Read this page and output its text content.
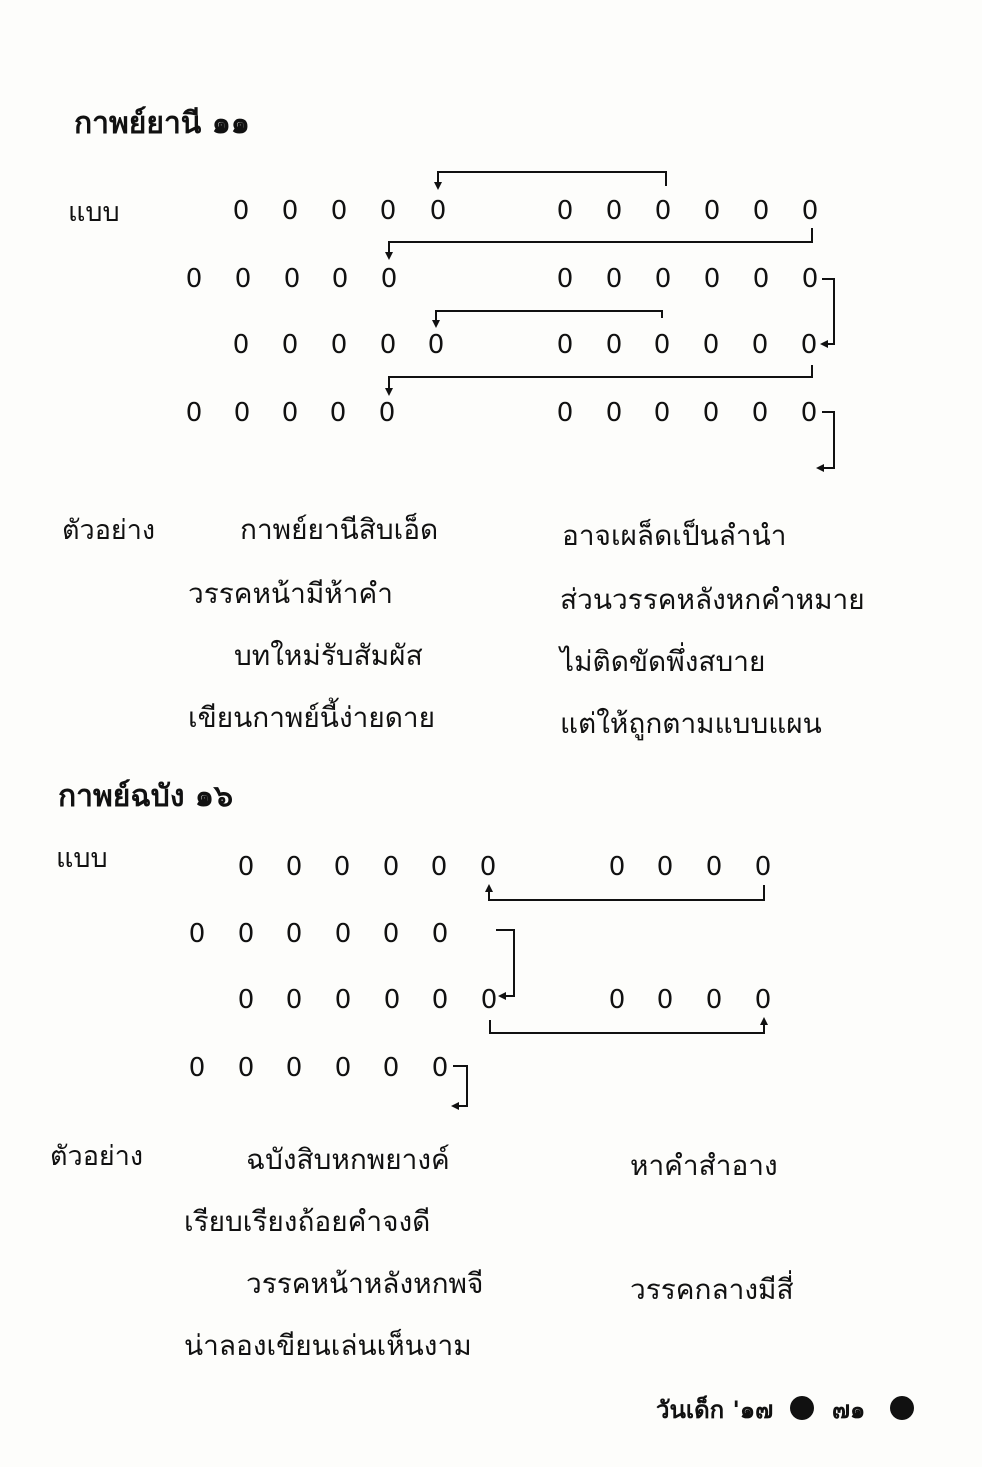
กาพย์ยานี ๑๑
แบบ
กาพย์ฉบัง ๑๖
แบบ
0 0 0 0 0	0 0 0 0 0 0
0 0 0 0 0	0 0 0 0 0 0
0 0 0 0 0	0 0 0 0 0 0
0 0 0 0 0	0 0 0 0 0 0
0 0 0 0 0 0	0 0 0 0
0 0 0 0 0 0
0 0 0 0 0 0	0 0 0 0
0 0 0 0 0 0
ตัวอย่าง	กาพย์ยานีสิบเอ็ด	อาจเผล็ดเป็นลำนำ
วรรคหน้ามีห้าคำ	ส่วนวรรคหลังหกคำหมาย
บทใหม่รับสัมผัส	ไม่ติดขัดพึ่งสบาย
เขียนกาพย์นี้ง่ายดาย	แต่ให้ถูกตามแบบแผน
ตัวอย่าง	ฉบังสิบหกพยางค์	หาคำสำอาง
เรียบเรียงถ้อยคำจงดี
วรรคหน้าหลังหกพจี	วรรคกลางมีสี่
น่าลองเขียนเล่นเห็นงาม
วันเด็ก '๑๗ ๗๑
